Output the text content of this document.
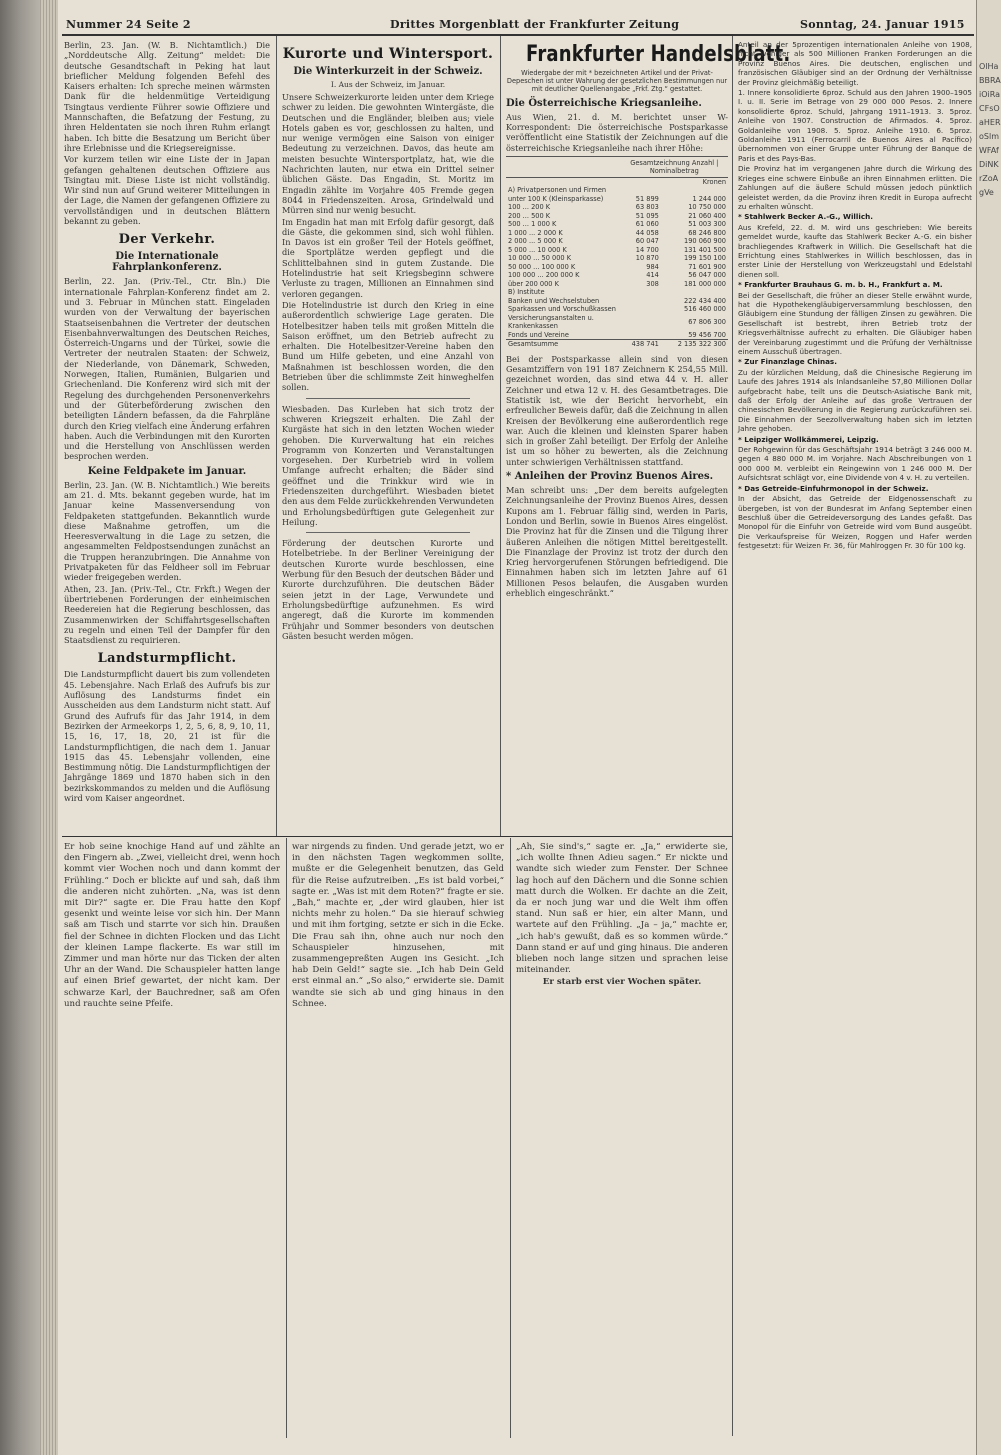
Nummer 24 Seite 2	Drittes Morgenblatt der Frankfurter Zeitung	Sonntag, 24. Januar 1915

Berlin, 23. Jan. (W. B. Nichtamtlich.) Die „Norddeutsche Allg. Zeitung“ meldet: Die deutsche Gesandtschaft in Peking hat laut brieflicher Meldung folgenden Befehl des Kaisers erhalten: Ich spreche meinen wärmsten Dank für die heldenmütige Verteidigung Tsingtaus verdiente Führer sowie Offiziere und Mannschaften, die Befatzung der Festung, zu ihren Heldentaten sie noch ihren Ruhm erlangt haben. Ich bitte die Besatzung um Bericht über ihre Erlebnisse und die Kriegsereignisse.

Vor kurzem teilen wir eine Liste der in Japan gefangen gehaltenen deutschen Offiziere aus Tsingtau mit. Diese Liste ist nicht vollständig. Wir sind nun auf Grund weiterer Mitteilungen in der Lage, die Namen der gefangenen Offiziere zu vervollständigen und in deutschen Blättern bekannt zu geben.

Der Verkehr.
Die Internationale Fahrplankonferenz.

Berlin, 22. Jan. (Priv.-Tel., Ctr. Bln.) Die internationale Fahrplan-Konferenz findet am 2. und 3. Februar in München statt. Eingeladen wurden von der Verwaltung der bayerischen Staatseisenbahnen die Vertreter der deutschen Eisenbahnverwaltungen des Deutschen Reiches, Österreich-Ungarns und der Türkei, sowie die Vertreter der neutralen Staaten: der Schweiz, der Niederlande, von Dänemark, Schweden, Norwegen, Italien, Rumänien, Bulgarien und Griechenland. Die Konferenz wird sich mit der Regelung des durchgehenden Personenverkehrs und der Güterbeförderung zwischen den beteiligten Ländern befassen, da die Fahrpläne durch den Krieg vielfach eine Änderung erfahren haben. Auch die Verbindungen mit den Kurorten und die Herstellung von Anschlüssen werden besprochen werden.

Keine Feldpakete im Januar.

Berlin, 23. Jan. (W. B. Nichtamtlich.) Wie bereits am 21. d. Mts. bekannt gegeben wurde, hat im Januar keine Massenversendung von Feldpaketen stattgefunden. Bekanntlich wurde diese Maßnahme getroffen, um die Heeresverwaltung in die Lage zu setzen, die angesammelten Feldpostsendungen zunächst an die Truppen heranzubringen. Die Annahme von Privatpaketen für das Feldheer soll im Februar wieder freigegeben werden.

Athen, 23. Jan. (Priv.-Tel., Ctr. Frkft.) Wegen der übertriebenen Forderungen der einheimischen Reedereien hat die Regierung beschlossen, das Zusammenwirken der Schiffahrtsgesellschaften zu regeln und einen Teil der Dampfer für den Staatsdienst zu requirieren.

Landsturmpflicht.

Die Landsturmpflicht dauert bis zum vollendeten 45. Lebensjahre. Nach Erlaß des Aufrufs bis zur Auflösung des Landsturms findet ein Ausscheiden aus dem Landsturm nicht statt. Auf Grund des Aufrufs für das Jahr 1914, in dem Bezirken der Armeekorps 1, 2, 5, 6, 8, 9, 10, 11, 15, 16, 17, 18, 20, 21 ist für die Landsturmpflichtigen, die nach dem 1. Januar 1915 das 45. Lebensjahr vollenden, eine Bestimmung nötig. Die Landsturmpflichtigen der Jahrgänge 1869 und 1870 haben sich in den bezirkskommandos zu melden und die Auflösung wird vom Kaiser angeordnet.

Kurorte und Wintersport.
Die Winterkurzeit in der Schweiz.
I. Aus der Schweiz, im Januar.

Unsere Schweizerkurorte leiden unter dem Kriege schwer zu leiden. Die gewohnten Wintergäste, die Deutschen und die Engländer, bleiben aus; viele Hotels gaben es vor, geschlossen zu halten, und nur wenige vermögen eine Saison von einiger Bedeutung zu verzeichnen. Davos, das heute am meisten besuchte Wintersportplatz, hat, wie die Nachrichten lauten, nur etwa ein Drittel seiner üblichen Gäste. Das Engadin, St. Moritz im Engadin zählte im Vorjahre 405 Fremde gegen 8044 in Friedenszeiten. Arosa, Grindelwald und Mürren sind nur wenig besucht.

Im Engadin hat man mit Erfolg dafür gesorgt, daß die Gäste, die gekommen sind, sich wohl fühlen. In Davos ist ein großer Teil der Hotels geöffnet, die Sportplätze werden gepflegt und die Schlittelbahnen sind in gutem Zustande. Die Hotelindustrie hat seit Kriegsbeginn schwere Verluste zu tragen, Millionen an Einnahmen sind verloren gegangen.

Die Hotelindustrie ist durch den Krieg in eine außerordentlich schwierige Lage geraten. Die Hotelbesitzer haben teils mit großen Mitteln die Saison eröffnet, um den Betrieb aufrecht zu erhalten. Die Hotelbesitzer-Vereine haben den Bund um Hilfe gebeten, und eine Anzahl von Maßnahmen ist beschlossen worden, die den Betrieben über die schlimmste Zeit hinweghelfen sollen.

Wiesbaden. Das Kurleben hat sich trotz der schweren Kriegszeit erhalten. Die Zahl der Kurgäste hat sich in den letzten Wochen wieder gehoben. Die Kurverwaltung hat ein reiches Programm von Konzerten und Veranstaltungen vorgesehen. Der Kurbetrieb wird in vollem Umfange aufrecht erhalten; die Bäder sind geöffnet und die Trinkkur wird wie in Friedenszeiten durchgeführt. Wiesbaden bietet den aus dem Felde zurückkehrenden Verwundeten und Erholungsbedürftigen gute Gelegenheit zur Heilung.

Förderung der deutschen Kurorte und Hotelbetriebe. In der Berliner Vereinigung der deutschen Kurorte wurde beschlossen, eine Werbung für den Besuch der deutschen Bäder und Kurorte durchzuführen. Die deutschen Bäder seien jetzt in der Lage, Verwundete und Erholungsbedürftige aufzunehmen. Es wird angeregt, daß die Kurorte im kommenden Frühjahr und Sommer besonders von deutschen Gästen besucht werden mögen.

Frankfurter Handelsblatt.
Wiedergabe der mit * bezeichneten Artikel und der Privat-Depeschen ist unter Wahrung der gesetzlichen Bestimmungen nur mit deutlicher Quellenangabe „Frkf. Ztg.“ gestattet.
Die Österreichische Kriegsanleihe.

Aus Wien, 21. d. M. berichtet unser W-Korrespondent: Die österreichische Postsparkasse veröffentlicht eine Statistik der Zeichnungen auf die österreichische Kriegsanleihe nach ihrer Höhe:

	Gesamtzeichnung Anzahl | Nominalbetrag	
		Kronen
A) Privatpersonen und Firmen		
unter 100 K (Kleinsparkasse)	51 899	1 244 000
100 ... 200 K	63 803	10 750 000
200 ... 500 K	51 095	21 060 400
500 ... 1 000 K	61 060	51 003 300
1 000 ... 2 000 K	44 058	68 246 800
2 000 ... 5 000 K	60 047	190 060 900
5 000 ... 10 000 K	14 700	131 401 500
10 000 ... 50 000 K	10 870	199 150 100
50 000 ... 100 000 K	984	71 601 900
100 000 ... 200 000 K	414	56 047 000
über 200 000 K	308	181 000 000
B) Institute		
Banken und Wechselstuben		222 434 400
Sparkassen und Vorschußkassen		516 460 000
Versicherungsanstalten u. Krankenkassen		67 806 300
Fonds und Vereine		59 456 700
Gesamtsumme	438 741	2 135 322 300

Bei der Postsparkasse allein sind von diesen Gesamtziffern von 191 187 Zeichnern K 254,55 Mill. gezeichnet worden, das sind etwa 44 v. H. aller Zeichner und etwa 12 v. H. des Gesamtbetrages. Die Statistik ist, wie der Bericht hervorhebt, ein erfreulicher Beweis dafür, daß die Zeichnung in allen Kreisen der Bevölkerung eine außerordentlich rege war. Auch die kleinen und kleinsten Sparer haben sich in großer Zahl beteiligt. Der Erfolg der Anleihe ist um so höher zu bewerten, als die Zeichnung unter schwierigen Verhältnissen stattfand.

* Anleihen der Provinz Buenos Aires.

Man schreibt uns: „Der dem bereits aufgelegten Zeichnungsanleihe der Provinz Buenos Aires, dessen Kupons am 1. Februar fällig sind, werden in Paris, London und Berlin, sowie in Buenos Aires eingelöst. Die Provinz hat für die Zinsen und die Tilgung ihrer äußeren Anleihen die nötigen Mittel bereitgestellt. Die Finanzlage der Provinz ist trotz der durch den Krieg hervorgerufenen Störungen befriedigend. Die Einnahmen haben sich im letzten Jahre auf 61 Millionen Pesos belaufen, die Ausgaben wurden erheblich eingeschränkt.“

Anteil an der 5prozentigen internationalen Anleihe von 1908, nicht weniger als 500 Millionen Franken Forderungen an die Provinz Buenos Aires. Die deutschen, englischen und französischen Gläubiger sind an der Ordnung der Verhältnisse der Provinz gleichmäßig beteiligt.

1. Innere konsolidierte 6proz. Schuld aus den Jahren 1900–1905 I. u. II. Serie im Betrage von 29 000 000 Pesos. 2. Innere konsolidierte 6proz. Schuld, Jahrgang 1911–1913. 3. 5proz. Anleihe von 1907. Construction de Afirmados. 4. 5proz. Goldanleihe von 1908. 5. 5proz. Anleihe 1910. 6. 5proz. Goldanleihe 1911 (Ferrocarril de Buenos Aires al Pacífico) übernommen von einer Gruppe unter Führung der Banque de Paris et des Pays-Bas.

Die Provinz hat im vergangenen Jahre durch die Wirkung des Krieges eine schwere Einbuße an ihren Einnahmen erlitten. Die Zahlungen auf die äußere Schuld müssen jedoch pünktlich geleistet werden, da die Provinz ihren Kredit in Europa aufrecht zu erhalten wünscht.

* Stahlwerk Becker A.-G., Willich.

Aus Krefeld, 22. d. M. wird uns geschrieben: Wie bereits gemeldet wurde, kaufte das Stahlwerk Becker A.-G. ein bisher brachliegendes Kraftwerk in Willich. Die Gesellschaft hat die Errichtung eines Stahlwerkes in Willich beschlossen, das in erster Linie der Herstellung von Werkzeugstahl und Edelstahl dienen soll.

* Frankfurter Brauhaus G. m. b. H., Frankfurt a. M.

Bei der Gesellschaft, die früher an dieser Stelle erwähnt wurde, hat die Hypothekengläubigerversammlung beschlossen, den Gläubigern eine Stundung der fälligen Zinsen zu gewähren. Die Gesellschaft ist bestrebt, ihren Betrieb trotz der Kriegsverhältnisse aufrecht zu erhalten. Die Gläubiger haben der Vereinbarung zugestimmt und die Prüfung der Verhältnisse einem Ausschuß übertragen.

* Zur Finanzlage Chinas.

Zu der kürzlichen Meldung, daß die Chinesische Regierung im Laufe des Jahres 1914 als Inlandsanleihe 57,80 Millionen Dollar aufgebracht habe, teilt uns die Deutsch-Asiatische Bank mit, daß der Erfolg der Anleihe auf das große Vertrauen der chinesischen Bevölkerung in die Regierung zurückzuführen sei. Die Einnahmen der Seezollverwaltung haben sich im letzten Jahre gehoben.

* Leipziger Wollkämmerei, Leipzig.

Der Rohgewinn für das Geschäftsjahr 1914 beträgt 3 246 000 M. gegen 4 880 000 M. im Vorjahre. Nach Abschreibungen von 1 000 000 M. verbleibt ein Reingewinn von 1 246 000 M. Der Aufsichtsrat schlägt vor, eine Dividende von 4 v. H. zu verteilen.

* Das Getreide-Einfuhrmonopol in der Schweiz.

In der Absicht, das Getreide der Eidgenossenschaft zu übergeben, ist von der Bundesrat im Anfang September einen Beschluß über die Getreideversorgung des Landes gefaßt. Das Monopol für die Einfuhr von Getreide wird vom Bund ausgeübt. Die Verkaufspreise für Weizen, Roggen und Hafer werden festgesetzt: für Weizen Fr. 36, für Mahlroggen Fr. 30 für 100 kg.

Er hob seine knochige Hand auf und zählte an den Fingern ab. „Zwei, vielleicht drei, wenn hoch kommt vier Wochen noch und dann kommt der Frühling.“ Doch er blickte auf und sah, daß ihm die anderen nicht zuhörten. „Na, was ist denn mit Dir?“ sagte er. Die Frau hatte den Kopf gesenkt und weinte leise vor sich hin. Der Mann saß am Tisch und starrte vor sich hin. Draußen fiel der Schnee in dichten Flocken und das Licht der kleinen Lampe flackerte. Es war still im Zimmer und man hörte nur das Ticken der alten Uhr an der Wand. Die Schauspieler hatten lange auf einen Brief gewartet, der nicht kam. Der schwarze Karl, der Bauchredner, saß am Ofen und rauchte seine Pfeife.

war nirgends zu finden. Und gerade jetzt, wo er in den nächsten Tagen wegkommen sollte, mußte er die Gelegenheit benutzen, das Geld für die Reise aufzutreiben. „Es ist bald vorbei,“ sagte er. „Was ist mit dem Roten?“ fragte er sie. „Bah,“ machte er, „der wird glauben, hier ist nichts mehr zu holen.“ Da sie hierauf schwieg und mit ihm fortging, setzte er sich in die Ecke. Die Frau sah ihn, ohne auch nur noch den Schauspieler hinzusehen, mit zusammengepreßten Augen ins Gesicht. „Ich hab Dein Geld!“ sagte sie. „Ich hab Dein Geld erst einmal an.“ „So also,“ erwiderte sie. Damit wandte sie sich ab und ging hinaus in den Schnee.

„Ah, Sie sind's,“ sagte er. „Ja,“ erwiderte sie, „ich wollte Ihnen Adieu sagen.“ Er nickte und wandte sich wieder zum Fenster. Der Schnee lag hoch auf den Dächern und die Sonne schien matt durch die Wolken. Er dachte an die Zeit, da er noch jung war und die Welt ihm offen stand. Nun saß er hier, ein alter Mann, und wartete auf den Frühling. „Ja – ja,“ machte er, „ich hab's gewußt, daß es so kommen würde.“ Dann stand er auf und ging hinaus. Die anderen blieben noch lange sitzen und sprachen leise miteinander.

Er starb erst vier Wochen später.

OlHaBBRAiOiRaCFsOaHERoSlmWFAfDiNKrZoAgVe
